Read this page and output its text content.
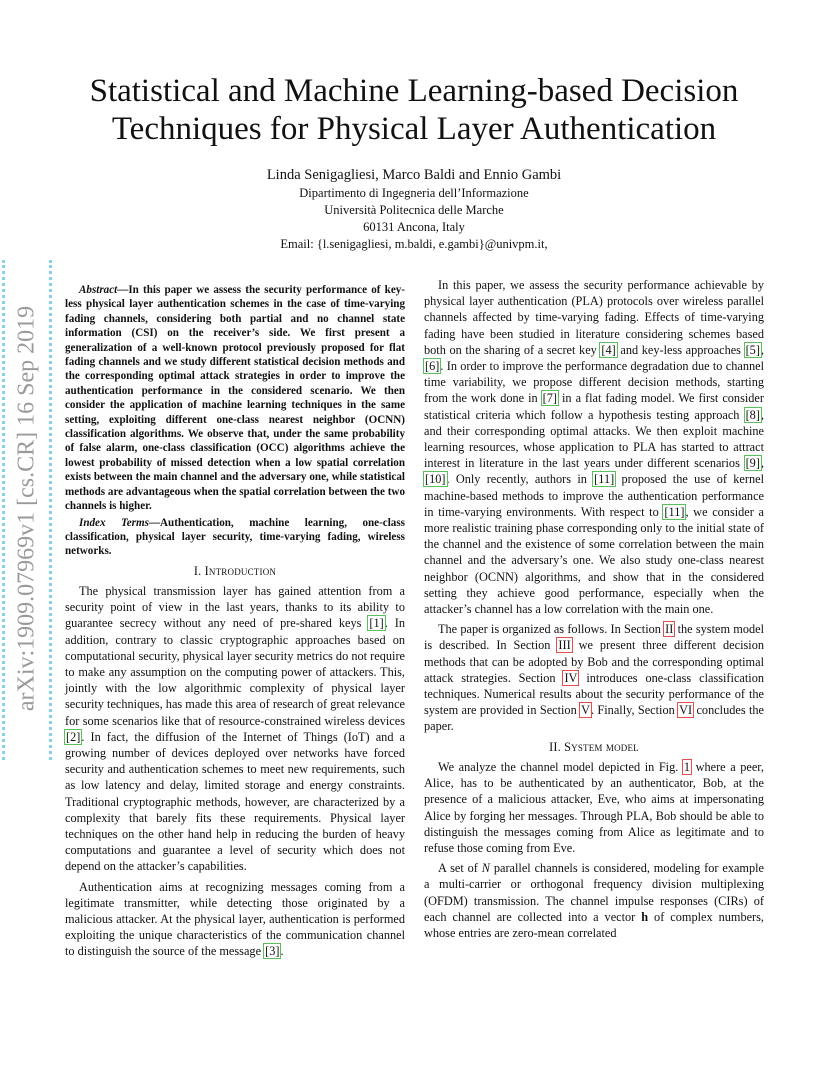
arXiv:1909.07969v1 [cs.CR] 16 Sep 2019
Statistical and Machine Learning-based Decision
Techniques for Physical Layer Authentication
Linda Senigagliesi, Marco Baldi and Ennio Gambi
Dipartimento di Ingegneria dell’Informazione
Università Politecnica delle Marche
60131 Ancona, Italy
Email: {l.senigagliesi, m.baldi, e.gambi}@univpm.it,

Abstract—In this paper we assess the security performance of key-less physical layer authentication schemes in the case of time-varying fading channels, considering both partial and no channel state information (CSI) on the receiver’s side. We first present a generalization of a well-known protocol previously proposed for flat fading channels and we study different statistical decision methods and the corresponding optimal attack strategies in order to improve the authentication performance in the considered scenario. We then consider the application of machine learning techniques in the same setting, exploiting different one-class nearest neighbor (OCNN) classification algorithms. We observe that, under the same probability of false alarm, one-class classification (OCC) algorithms achieve the lowest probability of missed detection when a low spatial correlation exists between the main channel and the adversary one, while statistical methods are advantageous when the spatial correlation between the two channels is higher.

Index Terms—Authentication, machine learning, one-class classification, physical layer security, time-varying fading, wireless networks.

I. Introduction

The physical transmission layer has gained attention from a security point of view in the last years, thanks to its ability to guarantee secrecy without any need of pre-shared keys [1]. In addition, contrary to classic cryptographic approaches based on computational security, physical layer security metrics do not require to make any assumption on the computing power of attackers. This, jointly with the low algorithmic complexity of physical layer security techniques, has made this area of research of great relevance for some scenarios like that of resource-constrained wireless devices [2]. In fact, the diffusion of the Internet of Things (IoT) and a growing number of devices deployed over networks have forced security and authentication schemes to meet new requirements, such as low latency and delay, limited storage and energy constraints. Traditional cryptographic methods, however, are characterized by a complexity that barely fits these requirements. Physical layer techniques on the other hand help in reducing the burden of heavy computations and guarantee a level of security which does not depend on the attacker’s capabilities.

Authentication aims at recognizing messages coming from a legitimate transmitter, while detecting those originated by a malicious attacker. At the physical layer, authentication is performed exploiting the unique characteristics of the communication channel to distinguish the source of the message [3].

In this paper, we assess the security performance achievable by physical layer authentication (PLA) protocols over wireless parallel channels affected by time-varying fading. Effects of time-varying fading have been studied in literature considering schemes based both on the sharing of a secret key [4] and key-less approaches [5], [6]. In order to improve the performance degradation due to channel time variability, we propose different decision methods, starting from the work done in [7] in a flat fading model. We first consider statistical criteria which follow a hypothesis testing approach [8], and their corresponding optimal attacks. We then exploit machine learning resources, whose application to PLA has started to attract interest in literature in the last years under different scenarios [9], [10]. Only recently, authors in [11] proposed the use of kernel machine-based methods to improve the authentication performance in time-varying environments. With respect to [11], we consider a more realistic training phase corresponding only to the initial state of the channel and the existence of some correlation between the main channel and the adversary’s one. We also study one-class nearest neighbor (OCNN) algorithms, and show that in the considered setting they achieve good performance, especially when the attacker’s channel has a low correlation with the main one.

The paper is organized as follows. In Section II the system model is described. In Section III we present three different decision methods that can be adopted by Bob and the corresponding optimal attack strategies. Section IV introduces one-class classification techniques. Numerical results about the security performance of the system are provided in Section V. Finally, Section VI concludes the paper.

II. System model

We analyze the channel model depicted in Fig. 1 where a peer, Alice, has to be authenticated by an authenticator, Bob, at the presence of a malicious attacker, Eve, who aims at impersonating Alice by forging her messages. Through PLA, Bob should be able to distinguish the messages coming from Alice as legitimate and to refuse those coming from Eve.

A set of N parallel channels is considered, modeling for example a multi-carrier or orthogonal frequency division multiplexing (OFDM) transmission. The channel impulse responses (CIRs) of each channel are collected into a vector h of complex numbers, whose entries are zero-mean correlated
